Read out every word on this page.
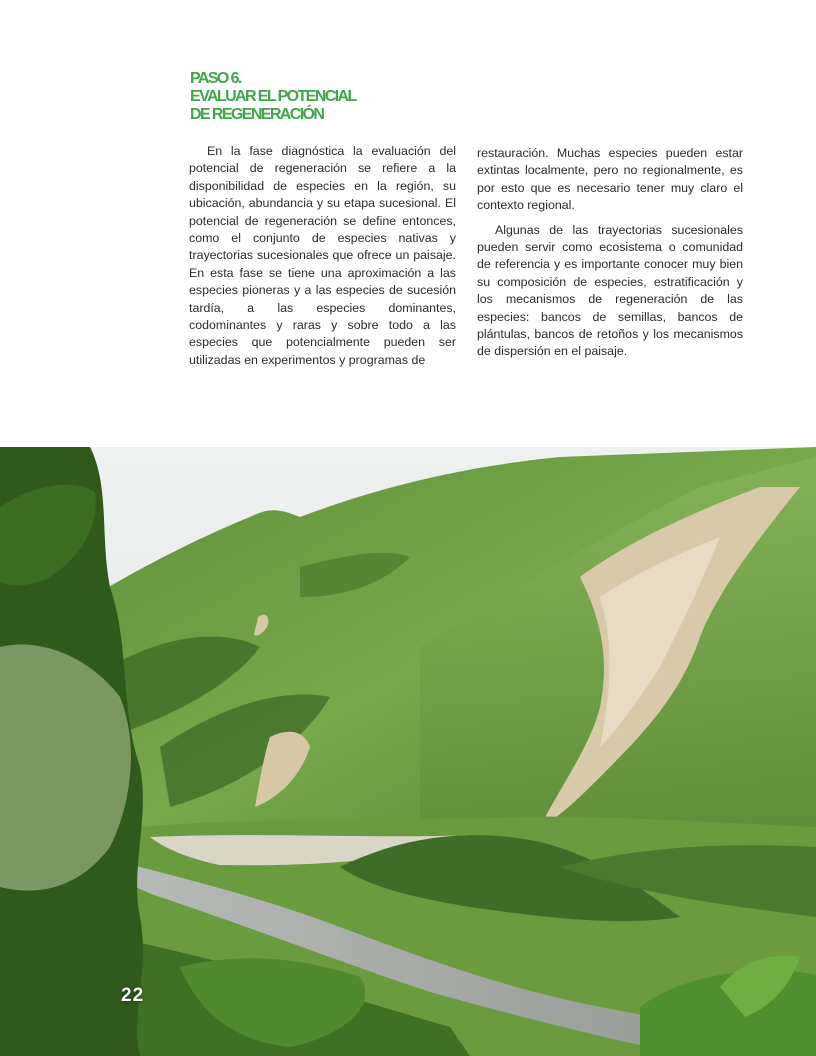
PASO 6.
EVALUAR EL POTENCIAL
DE REGENERACIÓN

En la fase diagnóstica la evaluación del potencial de regeneración se refiere a la disponibilidad de especies en la región, su ubicación, abundancia y su etapa sucesional. El potencial de regeneración se define entonces, como el conjunto de especies nativas y trayectorias sucesionales que ofrece un paisaje. En esta fase se tiene una aproximación a las especies pioneras y a las especies de sucesión tardía, a las especies dominantes, codominantes y raras y sobre todo a las especies que potencialmente pueden ser utilizadas en experimentos y programas de

restauración. Muchas especies pueden estar extintas localmente, pero no regionalmente, es por esto que es necesario tener muy claro el contexto regional.

Algunas de las trayectorias sucesionales pueden servir como ecosistema o comunidad de referencia y es importante conocer muy bien su composición de especies, estratificación y los mecanismos de regeneración de las especies: bancos de semillas, bancos de plántulas, bancos de retoños y los mecanismos de dispersión en el paisaje.

22
